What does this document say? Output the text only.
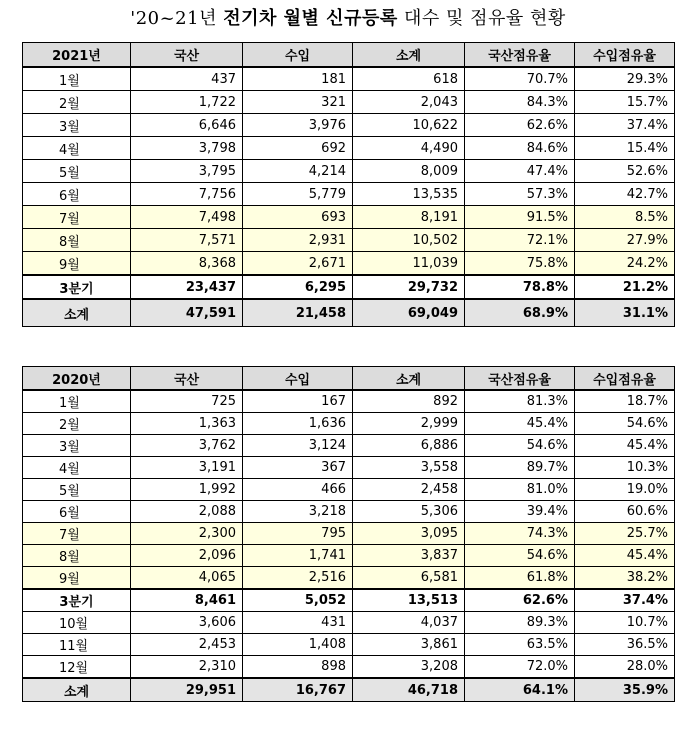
'20~21년 전기차 월별 신규등록 대수 및 점유율 현황
2021년	국산	수입	소계	국산점유율	수입점유율
1월	437	181	618	70.7%	29.3%
2월	1,722	321	2,043	84.3%	15.7%
3월	6,646	3,976	10,622	62.6%	37.4%
4월	3,798	692	4,490	84.6%	15.4%
5월	3,795	4,214	8,009	47.4%	52.6%
6월	7,756	5,779	13,535	57.3%	42.7%
7월	7,498	693	8,191	91.5%	8.5%
8월	7,571	2,931	10,502	72.1%	27.9%
9월	8,368	2,671	11,039	75.8%	24.2%
3분기	23,437	6,295	29,732	78.8%	21.2%
소계	47,591	21,458	69,049	68.9%	31.1%
2020년	국산	수입	소계	국산점유율	수입점유율
1월	725	167	892	81.3%	18.7%
2월	1,363	1,636	2,999	45.4%	54.6%
3월	3,762	3,124	6,886	54.6%	45.4%
4월	3,191	367	3,558	89.7%	10.3%
5월	1,992	466	2,458	81.0%	19.0%
6월	2,088	3,218	5,306	39.4%	60.6%
7월	2,300	795	3,095	74.3%	25.7%
8월	2,096	1,741	3,837	54.6%	45.4%
9월	4,065	2,516	6,581	61.8%	38.2%
3분기	8,461	5,052	13,513	62.6%	37.4%
10월	3,606	431	4,037	89.3%	10.7%
11월	2,453	1,408	3,861	63.5%	36.5%
12월	2,310	898	3,208	72.0%	28.0%
소계	29,951	16,767	46,718	64.1%	35.9%
